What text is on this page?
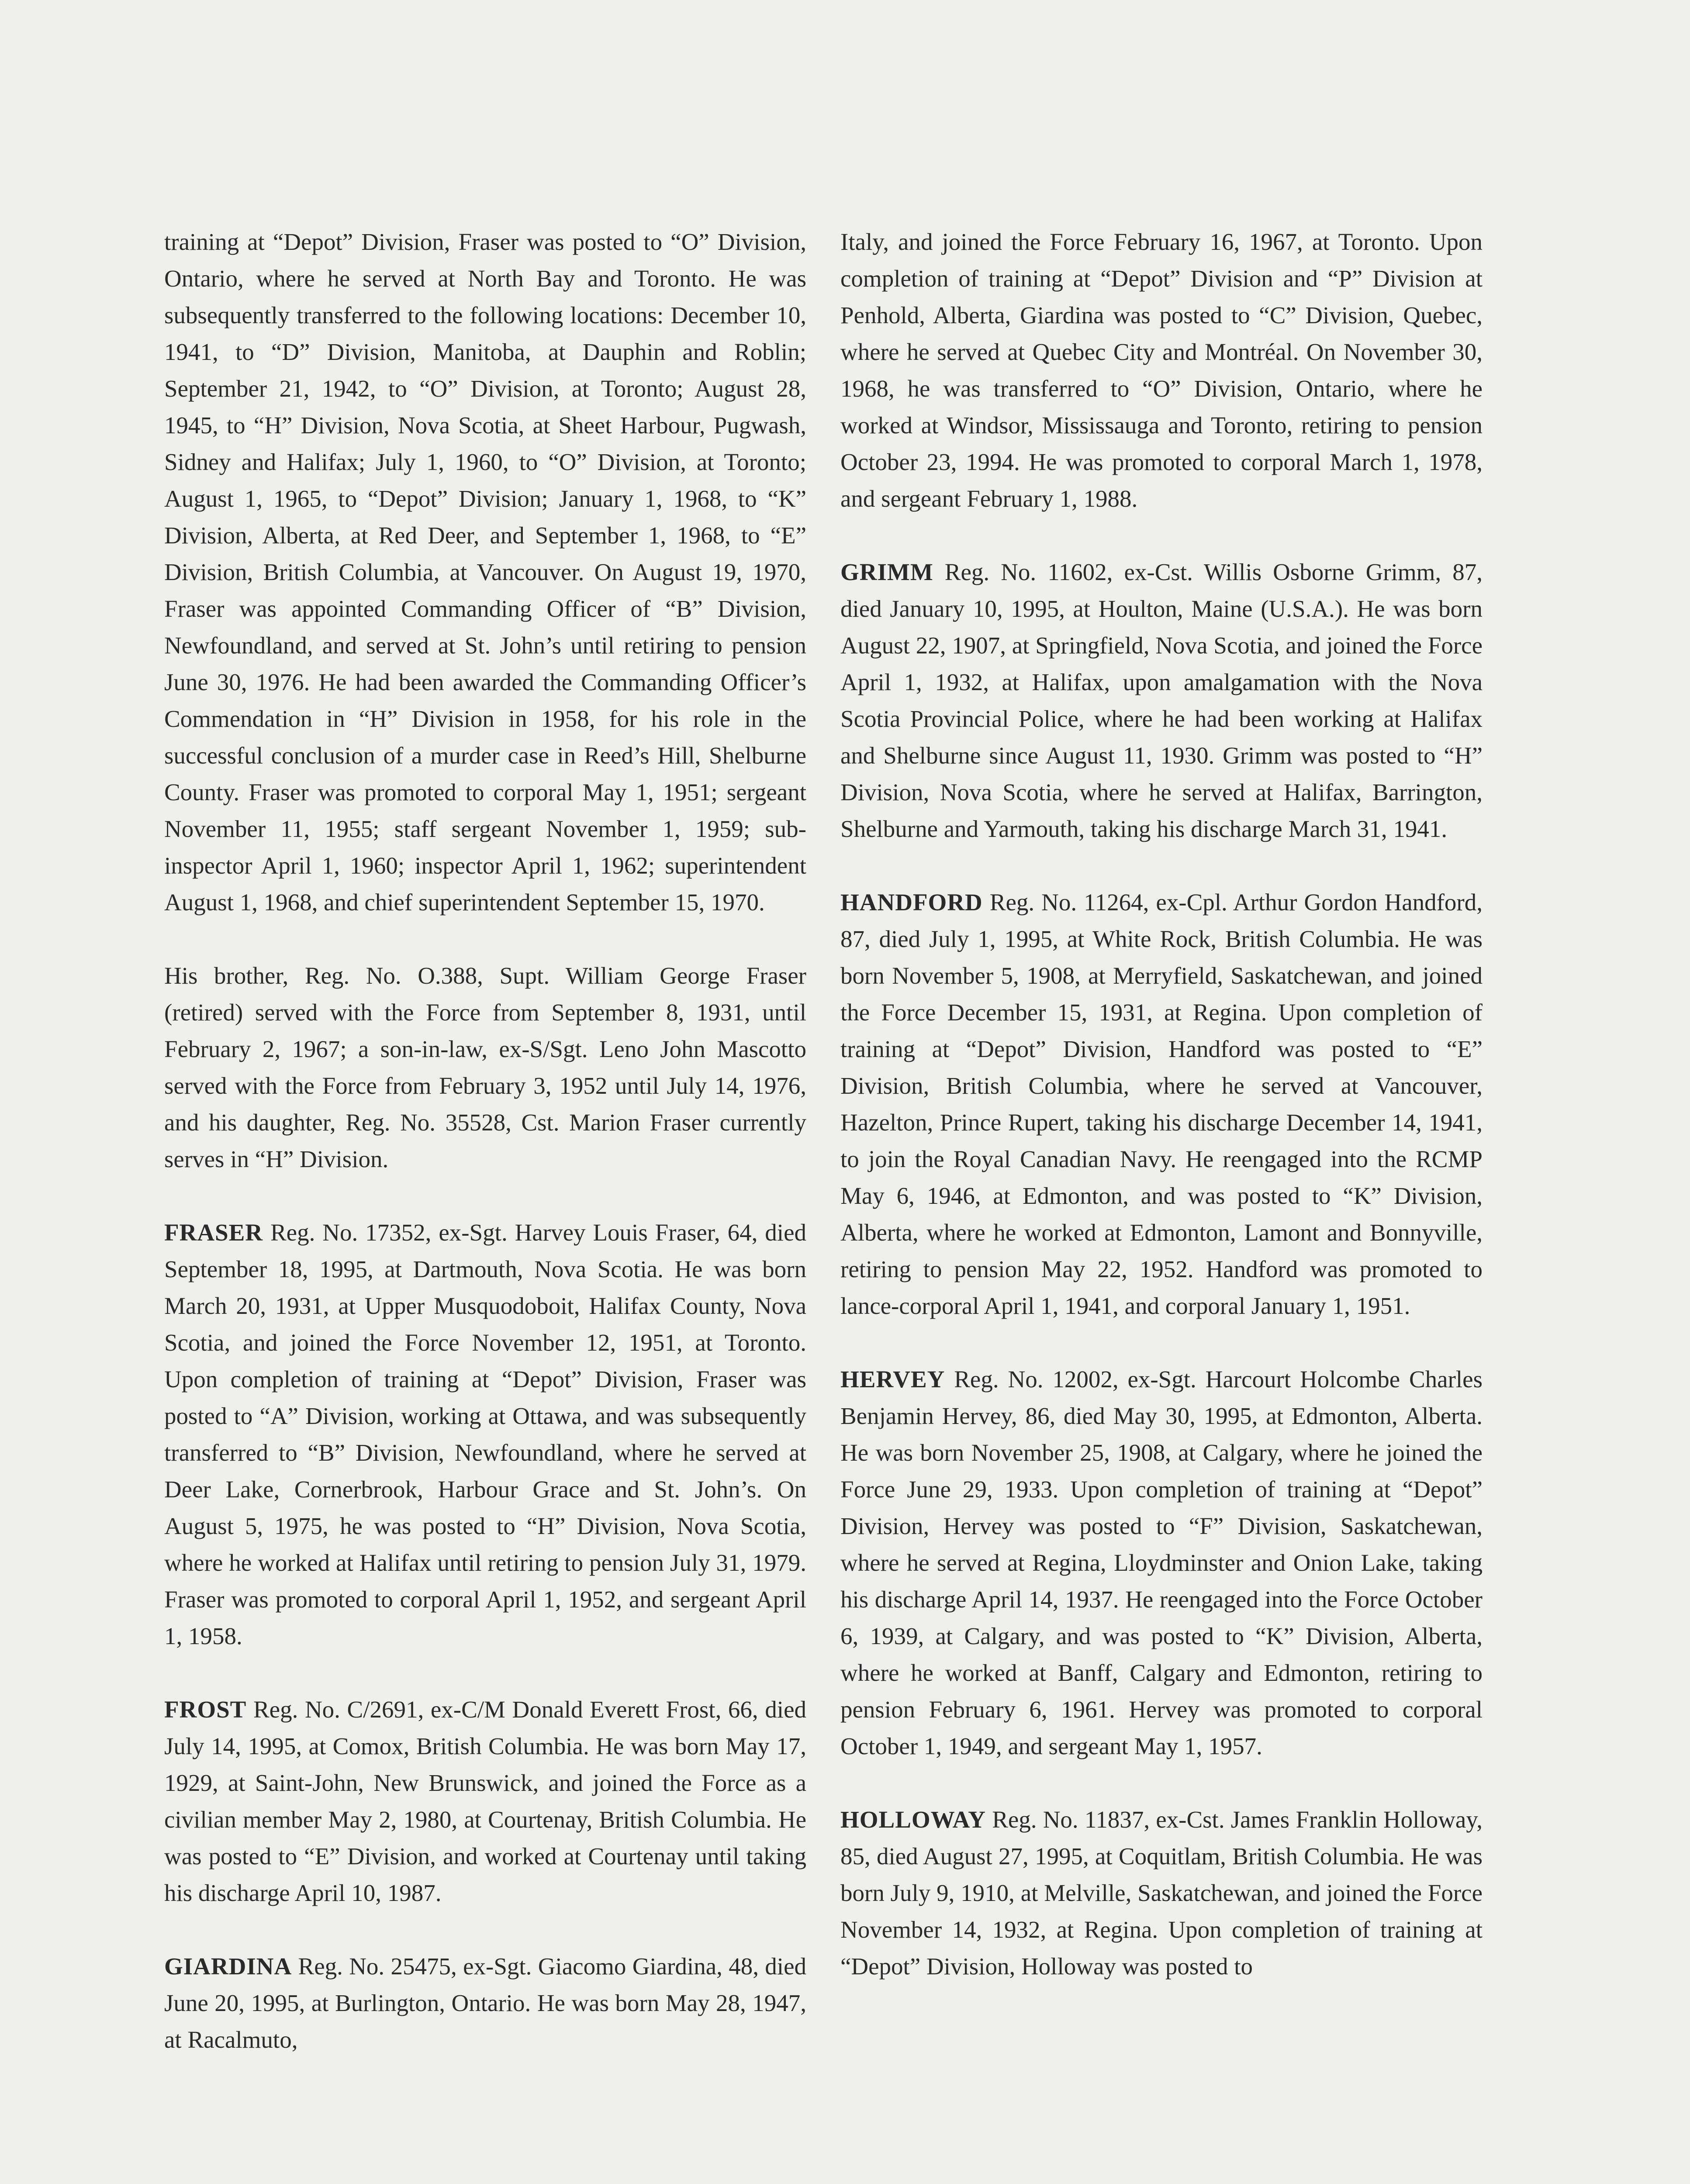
training at “Depot” Division, Fraser was posted to “O” Division, Ontario, where he served at North Bay and Toronto. He was subsequently transferred to the following locations: December 10, 1941, to “D” Division, Manitoba, at Dauphin and Roblin; September 21, 1942, to “O” Division, at Toronto; August 28, 1945, to “H” Division, Nova Scotia, at Sheet Harbour, Pugwash, Sidney and Halifax; July 1, 1960, to “O” Division, at Toronto; August 1, 1965, to “Depot” Division; January 1, 1968, to “K” Division, Alberta, at Red Deer, and September 1, 1968, to “E” Division, British Columbia, at Vancouver. On August 19, 1970, Fraser was appointed Commanding Officer of “B” Division, Newfoundland, and served at St. John’s until retiring to pension June 30, 1976. He had been awarded the Commanding Officer’s Commendation in “H” Division in 1958, for his role in the successful conclusion of a murder case in Reed’s Hill, Shelburne County. Fraser was promoted to corporal May 1, 1951; sergeant November 11, 1955; staff sergeant November 1, 1959; sub-inspector April 1, 1960; inspector April 1, 1962; superintendent August 1, 1968, and chief superintendent September 15, 1970.

His brother, Reg. No. O.388, Supt. William George Fraser (retired) served with the Force from September 8, 1931, until February 2, 1967; a son-in-law, ex-S/Sgt. Leno John Mascotto served with the Force from February 3, 1952 until July 14, 1976, and his daughter, Reg. No. 35528, Cst. Marion Fraser currently serves in “H” Division.

FRASER Reg. No. 17352, ex-Sgt. Harvey Louis Fraser, 64, died September 18, 1995, at Dartmouth, Nova Scotia. He was born March 20, 1931, at Upper Musquodoboit, Halifax County, Nova Scotia, and joined the Force November 12, 1951, at Toronto. Upon completion of training at “Depot” Division, Fraser was posted to “A” Division, working at Ottawa, and was subsequently transferred to “B” Division, Newfoundland, where he served at Deer Lake, Cornerbrook, Harbour Grace and St. John’s. On August 5, 1975, he was posted to “H” Division, Nova Scotia, where he worked at Halifax until retiring to pension July 31, 1979. Fraser was promoted to corporal April 1, 1952, and sergeant April 1, 1958.

FROST Reg. No. C/2691, ex-C/M Donald Everett Frost, 66, died July 14, 1995, at Comox, British Columbia. He was born May 17, 1929, at Saint-John, New Brunswick, and joined the Force as a civilian member May 2, 1980, at Courtenay, British Columbia. He was posted to “E” Division, and worked at Courtenay until taking his discharge April 10, 1987.

GIARDINA Reg. No. 25475, ex-Sgt. Giacomo Giardina, 48, died June 20, 1995, at Burlington, Ontario. He was born May 28, 1947, at Racalmuto,

Italy, and joined the Force February 16, 1967, at Toronto. Upon completion of training at “Depot” Division and “P” Division at Penhold, Alberta, Giardina was posted to “C” Division, Quebec, where he served at Quebec City and Montréal. On November 30, 1968, he was transferred to “O” Division, Ontario, where he worked at Windsor, Mississauga and Toronto, retiring to pension October 23, 1994. He was promoted to corporal March 1, 1978, and sergeant February 1, 1988.

GRIMM Reg. No. 11602, ex-Cst. Willis Osborne Grimm, 87, died January 10, 1995, at Houlton, Maine (U.S.A.). He was born August 22, 1907, at Springfield, Nova Scotia, and joined the Force April 1, 1932, at Halifax, upon amalgamation with the Nova Scotia Provincial Police, where he had been working at Halifax and Shelburne since August 11, 1930. Grimm was posted to “H” Division, Nova Scotia, where he served at Halifax, Barrington, Shelburne and Yarmouth, taking his discharge March 31, 1941.

HANDFORD Reg. No. 11264, ex-Cpl. Arthur Gordon Handford, 87, died July 1, 1995, at White Rock, British Columbia. He was born November 5, 1908, at Merryfield, Saskatchewan, and joined the Force December 15, 1931, at Regina. Upon completion of training at “Depot” Division, Handford was posted to “E” Division, British Columbia, where he served at Vancouver, Hazelton, Prince Rupert, taking his discharge December 14, 1941, to join the Royal Canadian Navy. He reengaged into the RCMP May 6, 1946, at Edmonton, and was posted to “K” Division, Alberta, where he worked at Edmonton, Lamont and Bonnyville, retiring to pension May 22, 1952. Handford was promoted to lance-corporal April 1, 1941, and corporal January 1, 1951.

HERVEY Reg. No. 12002, ex-Sgt. Harcourt Holcombe Charles Benjamin Hervey, 86, died May 30, 1995, at Edmonton, Alberta. He was born November 25, 1908, at Calgary, where he joined the Force June 29, 1933. Upon completion of training at “Depot” Division, Hervey was posted to “F” Division, Saskatchewan, where he served at Regina, Lloydminster and Onion Lake, taking his discharge April 14, 1937. He reengaged into the Force October 6, 1939, at Calgary, and was posted to “K” Division, Alberta, where he worked at Banff, Calgary and Edmonton, retiring to pension February 6, 1961. Hervey was promoted to corporal October 1, 1949, and sergeant May 1, 1957.

HOLLOWAY Reg. No. 11837, ex-Cst. James Franklin Holloway, 85, died August 27, 1995, at Coquitlam, British Columbia. He was born July 9, 1910, at Melville, Saskatchewan, and joined the Force November 14, 1932, at Regina. Upon completion of training at “Depot” Division, Holloway was posted to
